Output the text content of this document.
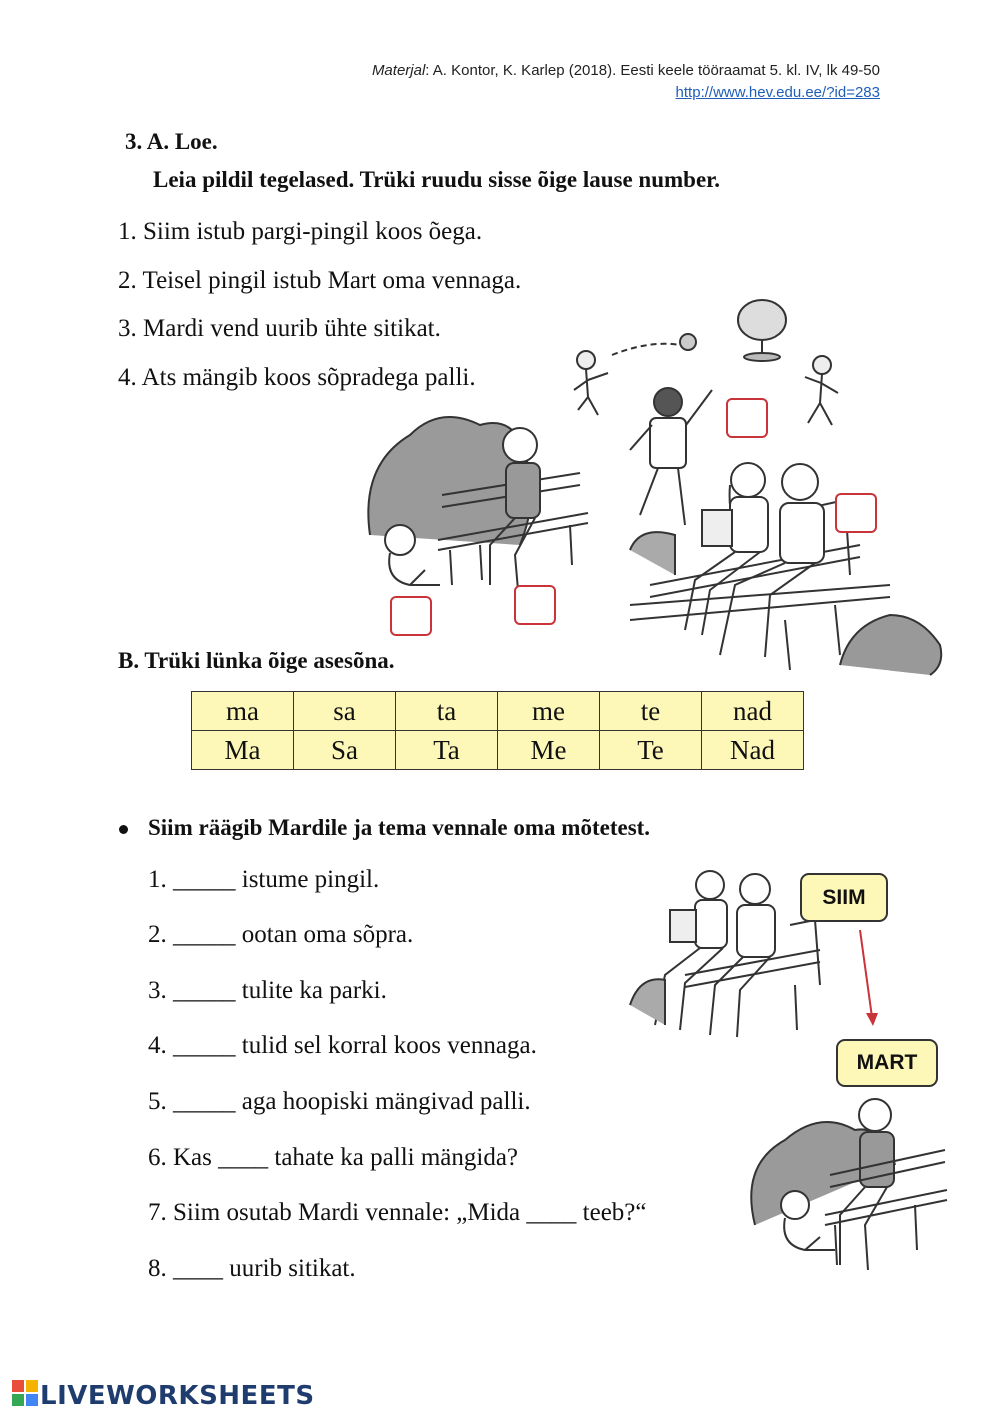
Materjal: A. Kontor, K. Karlep (2018). Eesti keele tööraamat 5. kl. IV, lk 49-50
http://www.hev.edu.ee/?id=283
3. A. Loe.
Leia pildil tegelased. Trüki ruudu sisse õige lause number.
1. Siim istub pargi-pingil koos õega.
2. Teisel pingil istub Mart oma vennaga.
3. Mardi vend uurib ühte sitikat.
4. Ats mängib koos sõpradega palli.
B. Trüki lünka õige asesõna.
ma	sa	ta	me	te	nad
Ma	Sa	Ta	Me	Te	Nad
Siim räägib Mardile ja tema vennale oma mõtetest.
1. _____ istume pingil.
2. _____ ootan oma sõpra.
3. _____ tulite ka parki.
4. _____ tulid sel korral koos vennaga.
5. _____ aga hoopiski mängivad palli.
6. Kas ____ tahate ka palli mängida?
7. Siim osutab Mardi vennale: „Mida ____ teeb?“
8. ____ uurib sitikat.
SIIM
MART
LIVEWORKSHEETS
